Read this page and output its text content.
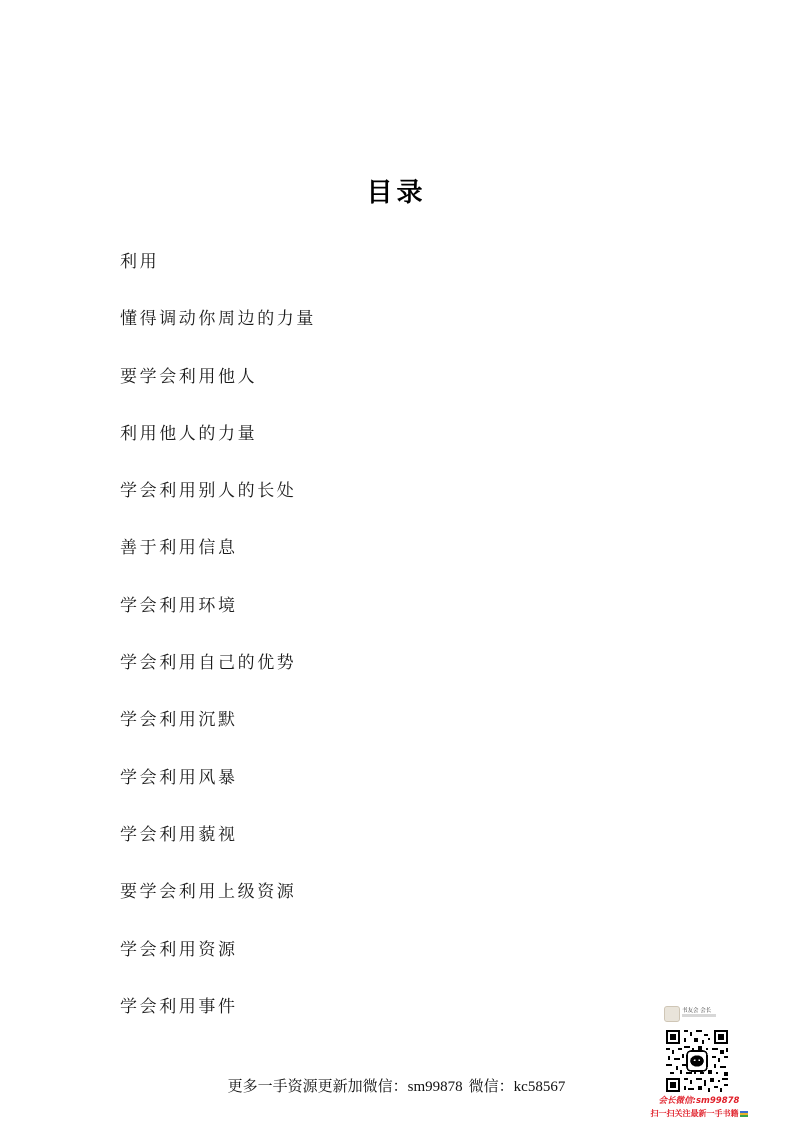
目录
利用
懂得调动你周边的力量
要学会利用他人
利用他人的力量
学会利用别人的长处
善于利用信息
学会利用环境
学会利用自己的优势
学会利用沉默
学会利用风暴
学会利用藐视
要学会利用上级资源
学会利用资源
学会利用事件
更多一手资源更新加微信：sm99878 微信：kc58567
书友会 会长
会长微信:sm99878
扫一扫关注最新一手书籍
